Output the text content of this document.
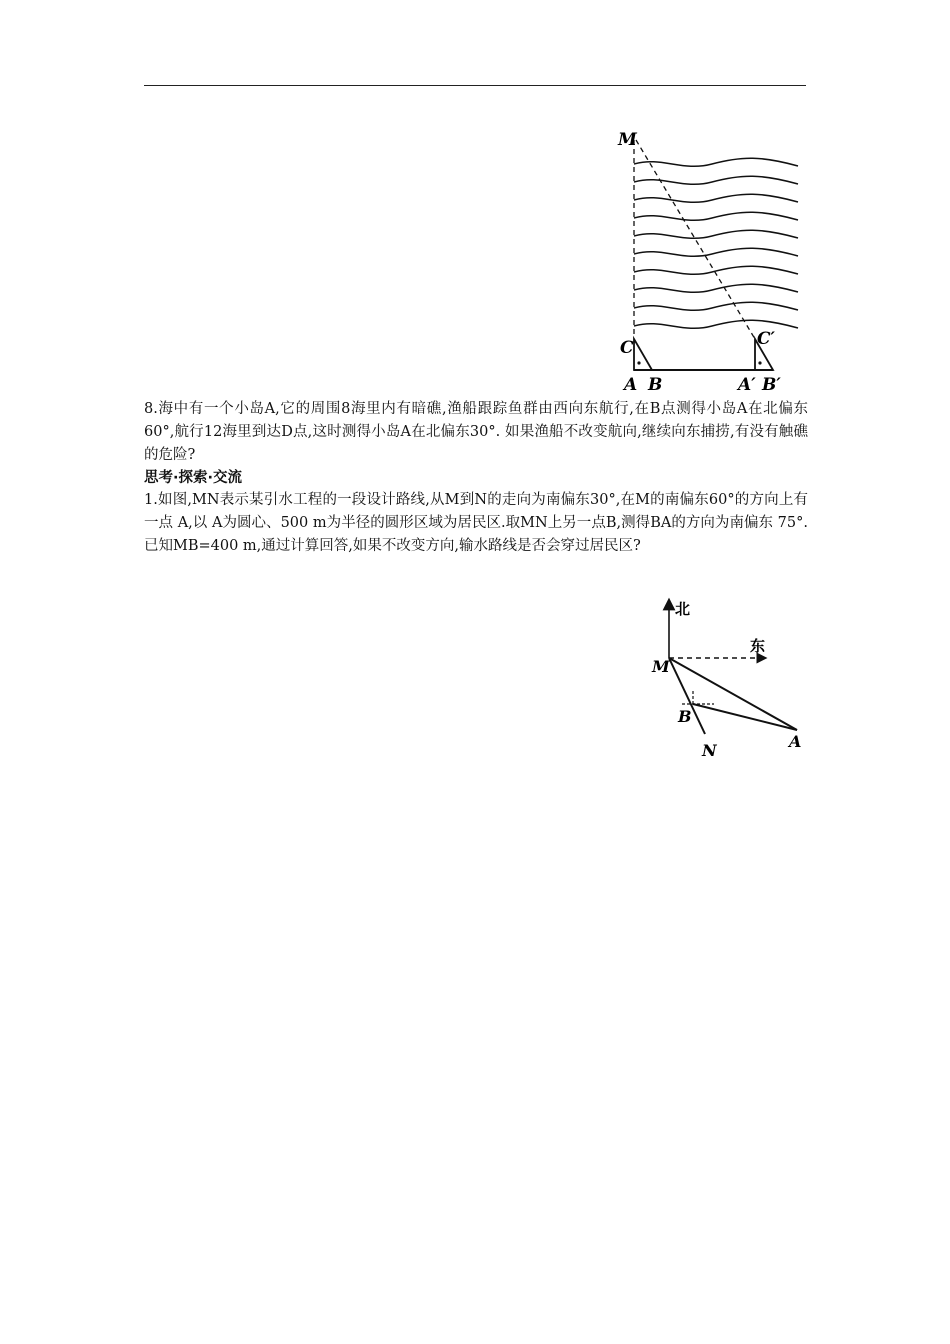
M
C
A B
C′
A′ B′
8.海中有一个小岛A,它的周围8海里内有暗礁,渔船跟踪鱼群由西向东航行,在B点测得小岛A在北偏东60°,航行12海里到达D点,这时测得小岛A在北偏东30°. 如果渔船不改变航向,继续向东捕捞,有没有触礁的危险?
思考·探索·交流
1.如图,MN表示某引水工程的一段设计路线,从M到N的走向为南偏东30°,在M的南偏东60°的方向上有一点 A,以 A为圆心、500 m为半径的圆形区域为居民区.取MN上另一点B,测得BA的方向为南偏东 75°.已知MB=400 m,通过计算回答,如果不改变方向,输水路线是否会穿过居民区?
北
东
M
B
N	A
